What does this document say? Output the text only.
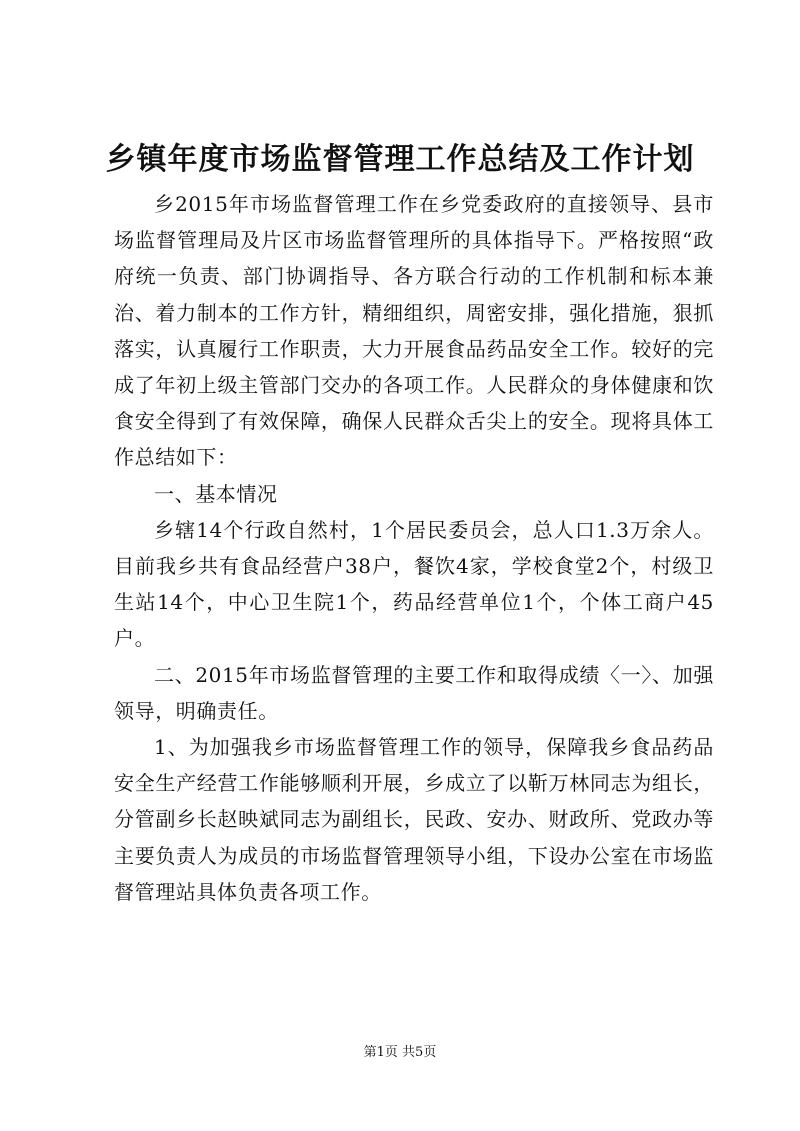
乡镇年度市场监督管理工作总结及工作计划

乡2015年市场监督管理工作在乡党委政府的直接领导、县市场监督管理局及片区市场监督管理所的具体指导下。严格按照“政府统一负责、部门协调指导、各方联合行动的工作机制和标本兼治、着力制本的工作方针，精细组织，周密安排，强化措施，狠抓落实，认真履行工作职责，大力开展食品药品安全工作。较好的完成了年初上级主管部门交办的各项工作。人民群众的身体健康和饮食安全得到了有效保障，确保人民群众舌尖上的安全。现将具体工作总结如下：

一、基本情况

乡辖14个行政自然村，1个居民委员会，总人口1.3万余人。目前我乡共有食品经营户38户，餐饮4家，学校食堂2个，村级卫生站14个，中心卫生院1个，药品经营单位1个，个体工商户45户。

二、2015年市场监督管理的主要工作和取得成绩〈一〉、加强领导，明确责任。

1、为加强我乡市场监督管理工作的领导，保障我乡食品药品安全生产经营工作能够顺利开展，乡成立了以靳万林同志为组长，分管副乡长赵映斌同志为副组长，民政、安办、财政所、党政办等主要负责人为成员的市场监督管理领导小组，下设办公室在市场监督管理站具体负责各项工作。

第1页 共5页
